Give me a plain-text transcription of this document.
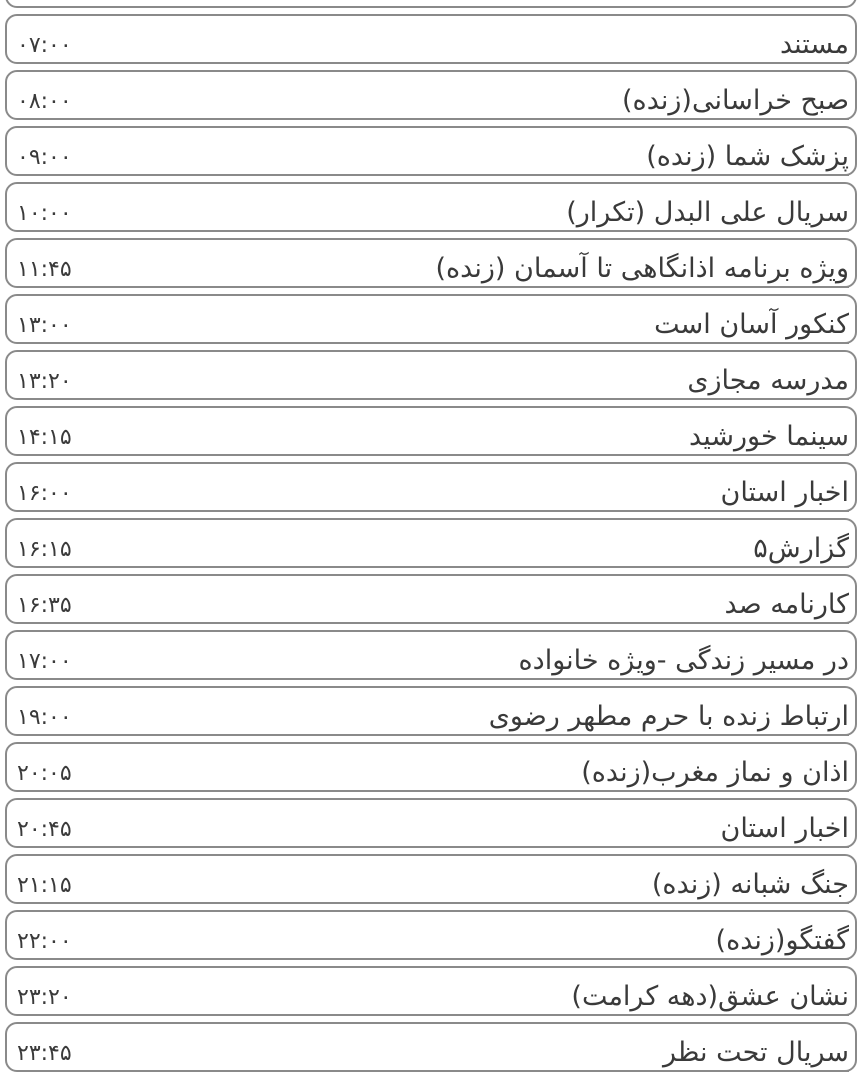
مستند
۰۷:۰۰
صبح خراسانی(زنده)
۰۸:۰۰
پزشک شما (زنده)
۰۹:۰۰
سریال علی البدل (تکرار)
۱۰:۰۰
ویژه برنامه اذانگاهی تا آسمان (زنده)
۱۱:۴۵
کنکور آسان است
۱۳:۰۰
مدرسه مجازی
۱۳:۲۰
سینما خورشید
۱۴:۱۵
اخبار استان
۱۶:۰۰
گزارش۵
۱۶:۱۵
کارنامه صد
۱۶:۳۵
در مسیر زندگی -ویژه خانواده
۱۷:۰۰
ارتباط زنده با حرم مطهر رضوی
۱۹:۰۰
اذان و نماز مغرب(زنده)
۲۰:۰۵
اخبار استان
۲۰:۴۵
جنگ شبانه (زنده)
۲۱:۱۵
گفتگو(زنده)
۲۲:۰۰
نشان عشق(دهه کرامت)
۲۳:۲۰
سریال تحت نظر
۲۳:۴۵
